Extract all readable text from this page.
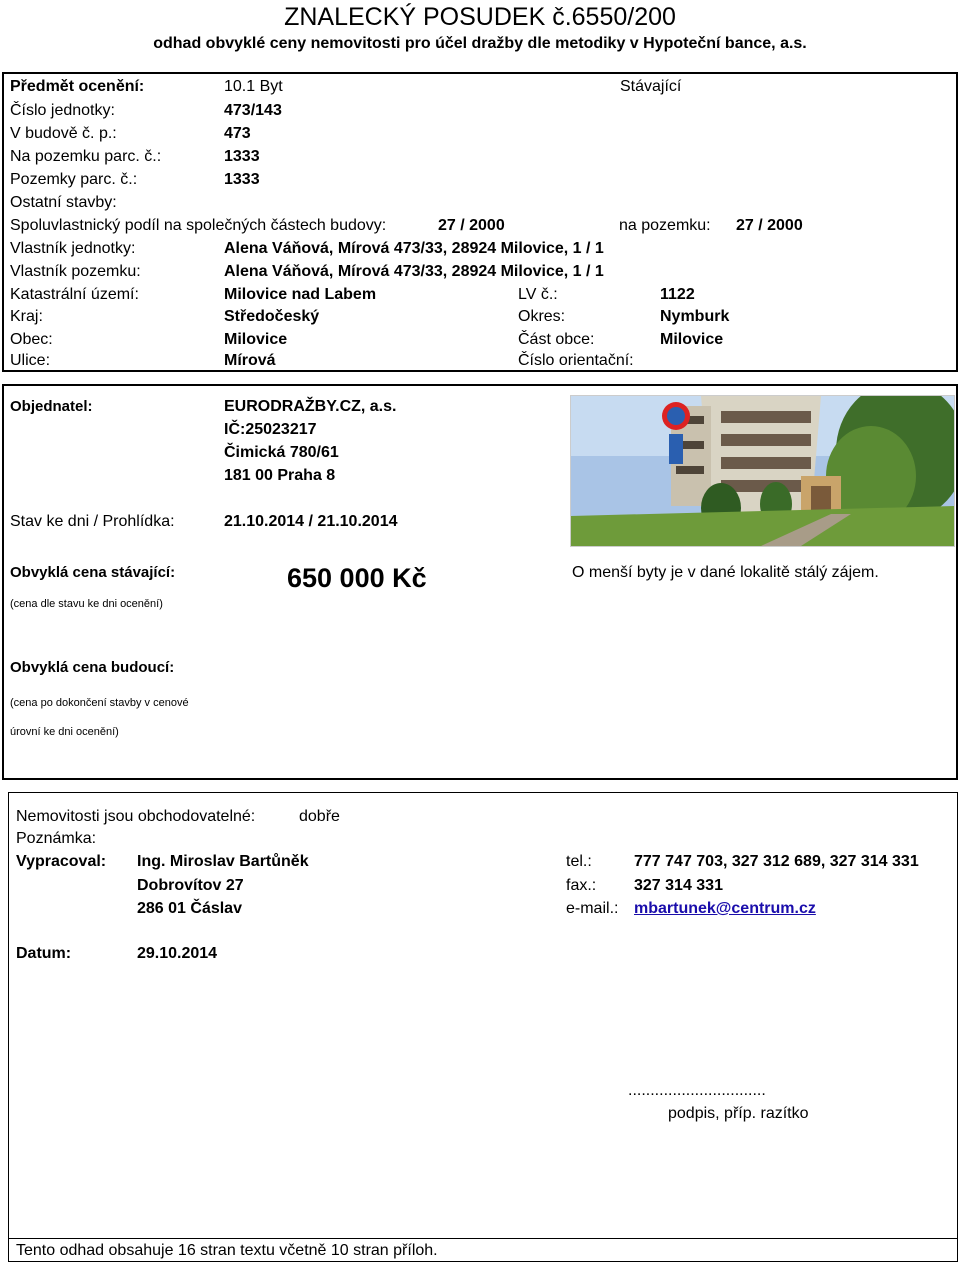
ZNALECKÝ POSUDEK č.6550/200
odhad obvyklé ceny nemovitosti pro účel dražby dle metodiky v Hypoteční bance, a.s.
Předmět ocenění:	10.1 Byt	Stávající
Číslo jednotky:	473/143
V budově č. p.:	473
Na pozemku parc. č.:	1333
Pozemky parc. č.:	1333
Ostatní stavby:
Spoluvlastnický podíl na společných částech budovy:	27 / 2000	na pozemku: 27 / 2000
Vlastník jednotky:	Alena Váňová, Mírová 473/33, 28924 Milovice, 1 / 1
Vlastník pozemku:	Alena Váňová, Mírová 473/33, 28924 Milovice, 1 / 1
Katastrální území:	Milovice nad Labem	LV č.:	1122
Kraj:	Středočeský	Okres:	Nymburk
Obec:	Milovice	Část obce:	Milovice
Ulice:	Mírová	Číslo orientační:
Objednatel:	EURODRAŽBY.CZ, a.s.
IČ:25023217
Čimická 780/61
181 00 Praha 8
Stav ke dni / Prohlídka:	21.10.2014 / 21.10.2014
Obvyklá cena stávající:
(cena dle stavu ke dni ocenění)
650 000 Kč	O menší byty je v dané lokalitě stálý zájem.
Obvyklá cena budoucí:
(cena po dokončení stavby v cenové
úrovní ke dni ocenění)
Nemovitosti jsou obchodovatelné:	dobře
Poznámka:
Vypracoval: Ing. Miroslav Bartůněk
Dobrovítov 27
286 01 Čáslav
tel.:	777 747 703, 327 312 689, 327 314 331
fax.: 327 314 331
e-mail.: mbartunek@centrum.cz
Datum:	29.10.2014
...............................
podpis, příp. razítko
Tento odhad obsahuje 16 stran textu včetně 10 stran příloh.
